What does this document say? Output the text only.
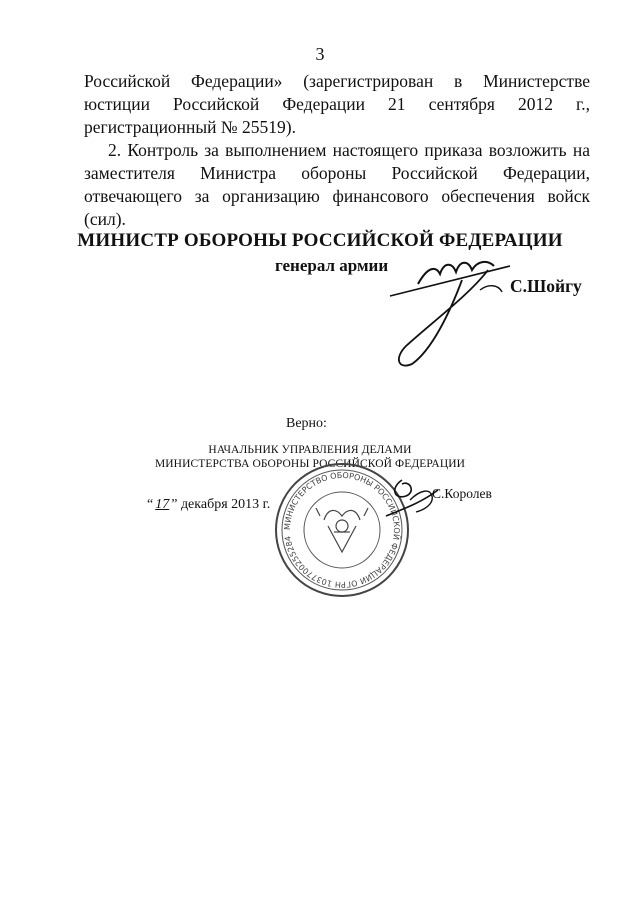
3

Российской Федерации» (зарегистрирован в Министерстве юстиции Российской Федерации 21 сентября 2012 г., регистрационный № 25519).

2. Контроль за выполнением настоящего приказа возложить на заместителя Министра обороны Российской Федерации, отвечающего за организацию финансового обеспечения войск (сил).

МИНИСТР ОБОРОНЫ РОССИЙСКОЙ ФЕДЕРАЦИИ
генерал армии
С.Шойгу
Верно:
НАЧАЛЬНИК УПРАВЛЕНИЯ ДЕЛАМИ
МИНИСТЕРСТВА ОБОРОНЫ РОССИЙСКОЙ ФЕДЕРАЦИИ
МИНИСТЕРСТВО ОБОРОНЫ РОССИЙСКОЙ ФЕДЕРАЦИИ ОГРН 1037700255284
“ 17 ” декабря 2013 г.
С.Королев
